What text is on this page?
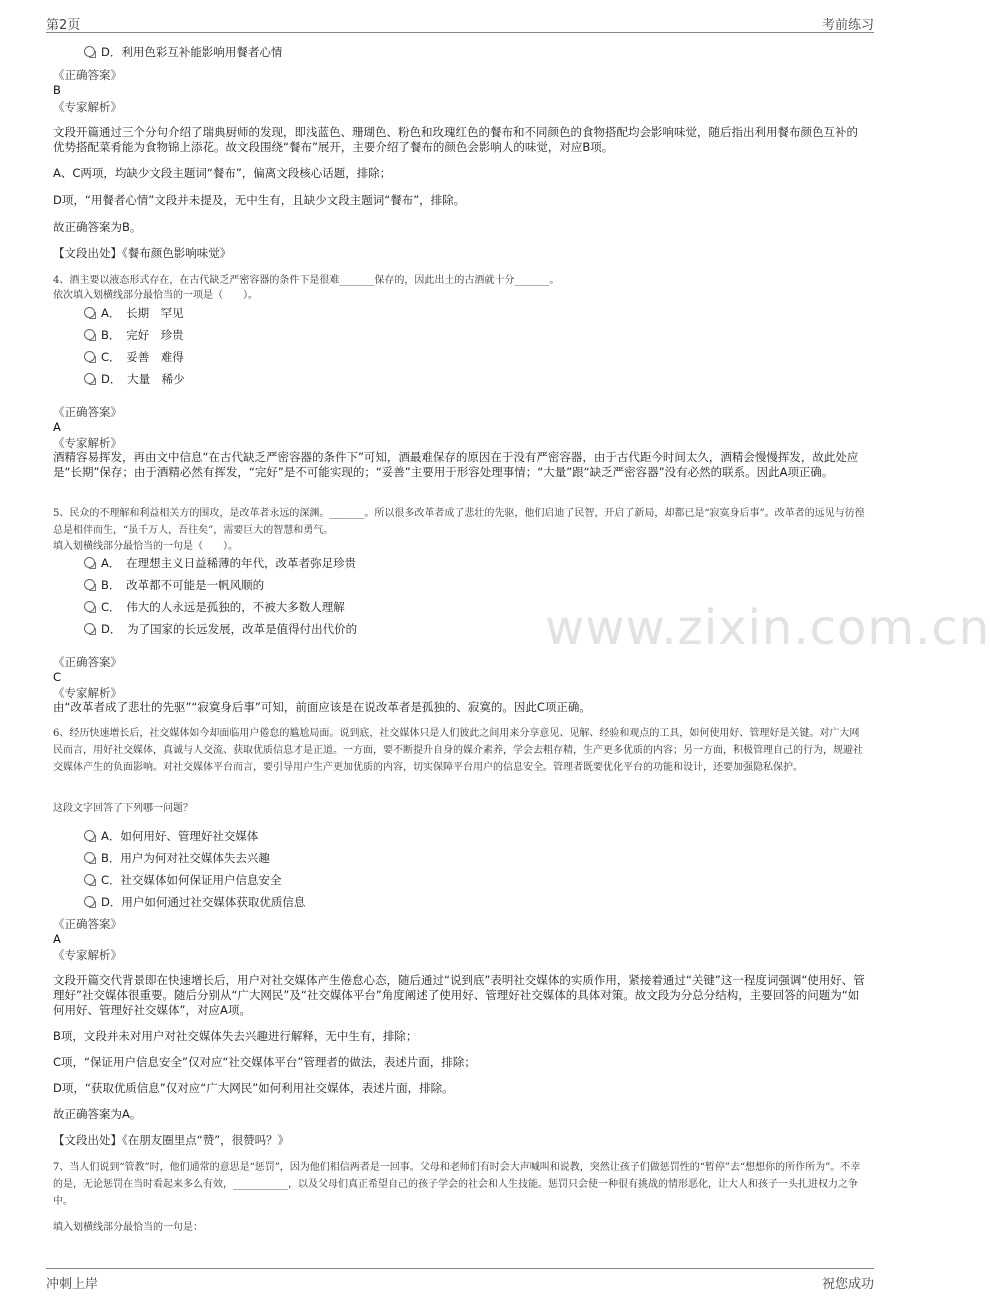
第2页	考前练习
www.zixin.com.cn
D．利用色彩互补能影响用餐者心情
《正确答案》
B
《专家解析》
文段开篇通过三个分句介绍了瑞典厨师的发现，即浅蓝色、珊瑚色、粉色和玫瑰红色的餐布和不同颜色的食物搭配均会影响味觉，随后指出利用餐布颜色互补的优势搭配菜肴能为食物锦上添花。故文段围绕“餐布”展开，主要介绍了餐布的颜色会影响人的味觉，对应B项。
A、C两项，均缺少文段主题词“餐布”，偏离文段核心话题，排除；
D项，“用餐者心情”文段并未提及，无中生有，且缺少文段主题词“餐布”，排除。
故正确答案为B。
【文段出处】《餐布颜色影响味觉》
4、酒主要以液态形式存在，在古代缺乏严密容器的条件下是很难_______保存的，因此出土的古酒就十分_______。
依次填入划横线部分最恰当的一项是（　　）。
A．　长期　罕见
B．　完好　珍贵
C．　妥善　难得
D．　大量　稀少
《正确答案》
A
《专家解析》
酒精容易挥发，再由文中信息“在古代缺乏严密容器的条件下”可知，酒最难保存的原因在于没有严密容器，由于古代距今时间太久，酒精会慢慢挥发，故此处应是“长期”保存；由于酒精必然有挥发，“完好”是不可能实现的；“妥善”主要用于形容处理事情；“大量”跟“缺乏严密容器”没有必然的联系。因此A项正确。
5、民众的不理解和利益相关方的围攻，是改革者永远的深渊。_______。所以很多改革者成了悲壮的先驱，他们启迪了民智，开启了新局，却都已是“寂寞身后事”。改革者的远见与彷徨总是相伴而生，“虽千万人，吾往矣”，需要巨大的智慧和勇气。
填入划横线部分最恰当的一句是（　　）。
A．　在理想主义日益稀薄的年代，改革者弥足珍贵
B．　改革都不可能是一帆风顺的
C．　伟大的人永远是孤独的，不被大多数人理解
D．　为了国家的长远发展，改革是值得付出代价的
《正确答案》
C
《专家解析》
由“改革者成了悲壮的先驱”“寂寞身后事”可知，前面应该是在说改革者是孤独的、寂寞的。因此C项正确。
6、经历快速增长后，社交媒体如今却面临用户倦怠的尴尬局面。说到底，社交媒体只是人们彼此之间用来分享意见、见解、经验和观点的工具，如何使用好、管理好是关键。对广大网民而言，用好社交媒体，真诚与人交流、获取优质信息才是正道。一方面，要不断提升自身的媒介素养，学会去粗存精，生产更多优质的内容；另一方面，积极管理自己的行为，规避社交媒体产生的负面影响。对社交媒体平台而言，要引导用户生产更加优质的内容，切实保障平台用户的信息安全。管理者既要优化平台的功能和设计，还要加强隐私保护。
这段文字回答了下列哪一问题？
A．如何用好、管理好社交媒体
B．用户为何对社交媒体失去兴趣
C．社交媒体如何保证用户信息安全
D．用户如何通过社交媒体获取优质信息
《正确答案》
A
《专家解析》
文段开篇交代背景即在快速增长后，用户对社交媒体产生倦怠心态，随后通过“说到底”表明社交媒体的实质作用，紧接着通过“关键”这一程度词强调“使用好、管理好”社交媒体很重要。随后分别从“广大网民”及“社交媒体平台”角度阐述了使用好、管理好社交媒体的具体对策。故文段为分总分结构，主要回答的问题为“如何用好、管理好社交媒体”，对应A项。
B项，文段并未对用户对社交媒体失去兴趣进行解释，无中生有，排除；
C项，“保证用户信息安全”仅对应“社交媒体平台”管理者的做法，表述片面，排除；
D项，“获取优质信息”仅对应“广大网民”如何利用社交媒体，表述片面，排除。
故正确答案为A。
【文段出处】《在朋友圈里点“赞”，很赞吗？》
7、当人们说到“管教”时，他们通常的意思是“惩罚”，因为他们相信两者是一回事。父母和老师们有时会大声喊叫和说教，突然让孩子们做惩罚性的“暂停”去“想想你的所作所为”。不幸的是，无论惩罚在当时看起来多么有效，___________，以及父母们真正希望自己的孩子学会的社会和人生技能。惩罚只会使一种很有挑战的情形恶化，让大人和孩子一头扎进权力之争中。
填入划横线部分最恰当的一句是：
冲刺上岸	祝您成功
